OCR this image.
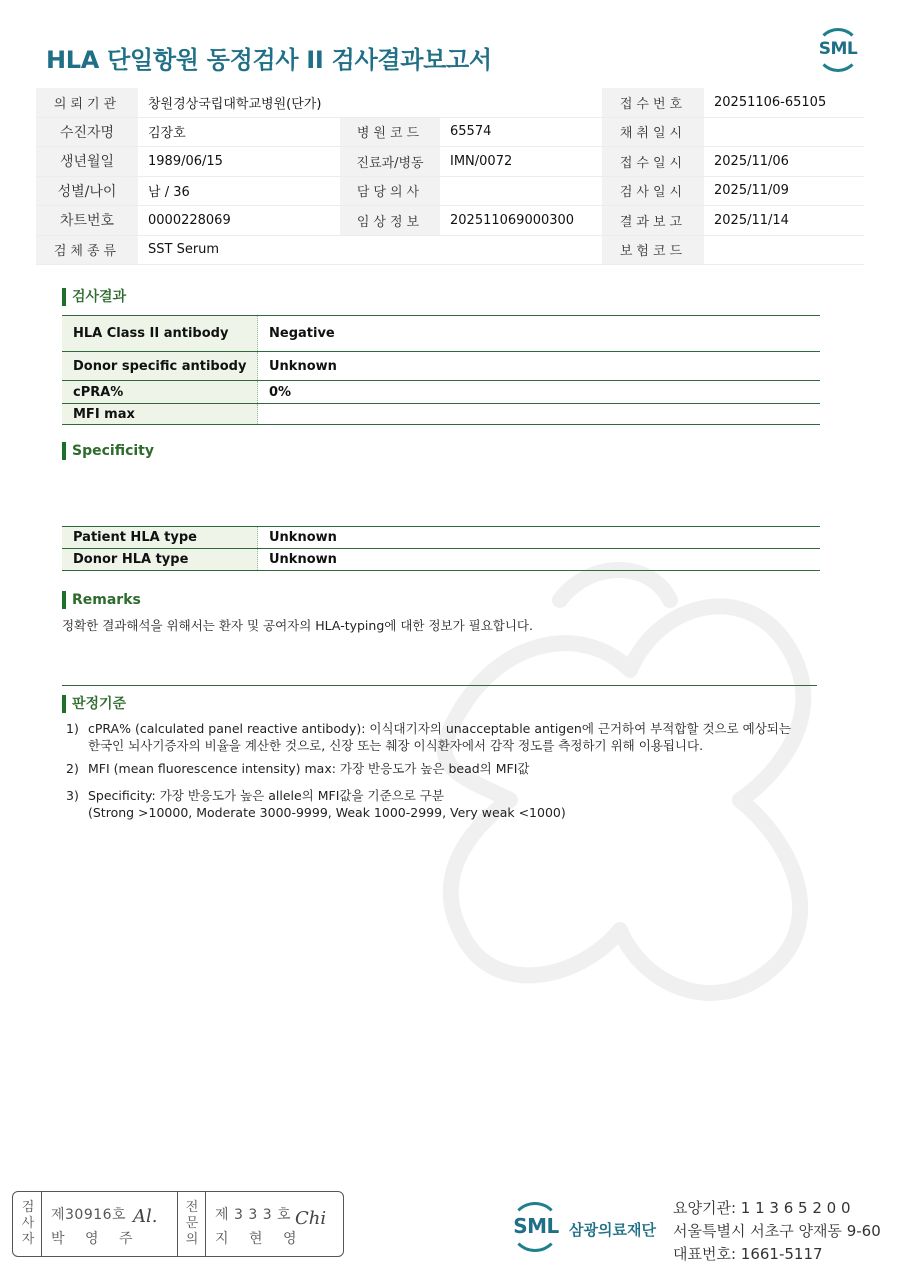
HLA 단일항원 동정검사 II 검사결과보고서	SML
의뢰기관	창원경상국립대학교병원(단가)			접수번호	20251106-65105
수진자명	김장호	병원코드	65574	채취일시	
생년월일	1989/06/15	진료과/병동	IMN/0072	접수일시	2025/11/06
성별/나이	남 / 36	담당의사		검사일시	2025/11/09
차트번호	0000228069	임상정보	202511069000300	결과보고	2025/11/14
검체종류	SST Serum			보험코드	
검사결과
HLA Class II antibody	Negative
Donor specific antibody	Unknown
cPRA%	0%
MFI max	
Specificity
Patient HLA type	Unknown
Donor HLA type	Unknown
Remarks
정확한 결과해석을 위해서는 환자 및 공여자의 HLA-typing에 대한 정보가 필요합니다.
판정기준
1) cPRA% (calculated panel reactive antibody): 이식대기자의 unacceptable antigen에 근거하여 부적합할 것으로 예상되는
한국인 뇌사기증자의 비율을 계산한 것으로, 신장 또는 췌장 이식환자에서 감작 정도를 측정하기 위해 이용됩니다.
2) MFI (mean fluorescence intensity) max: 가장 반응도가 높은 bead의 MFI값
3) Specificity: 가장 반응도가 높은 allele의 MFI값을 기준으로 구분
(Strong >10000, Moderate 3000-9999, Weak 1000-2999, Very weak <1000)
검사자
제30916호
박 영 주
Al. 전문의
제 3 3 3 호
지 현 영
Chi	SML 삼광의료재단
요양기관: 1 1 3 6 5 2 0 0
서울특별시 서초구 양재동 9-60
대표번호: 1661-5117
